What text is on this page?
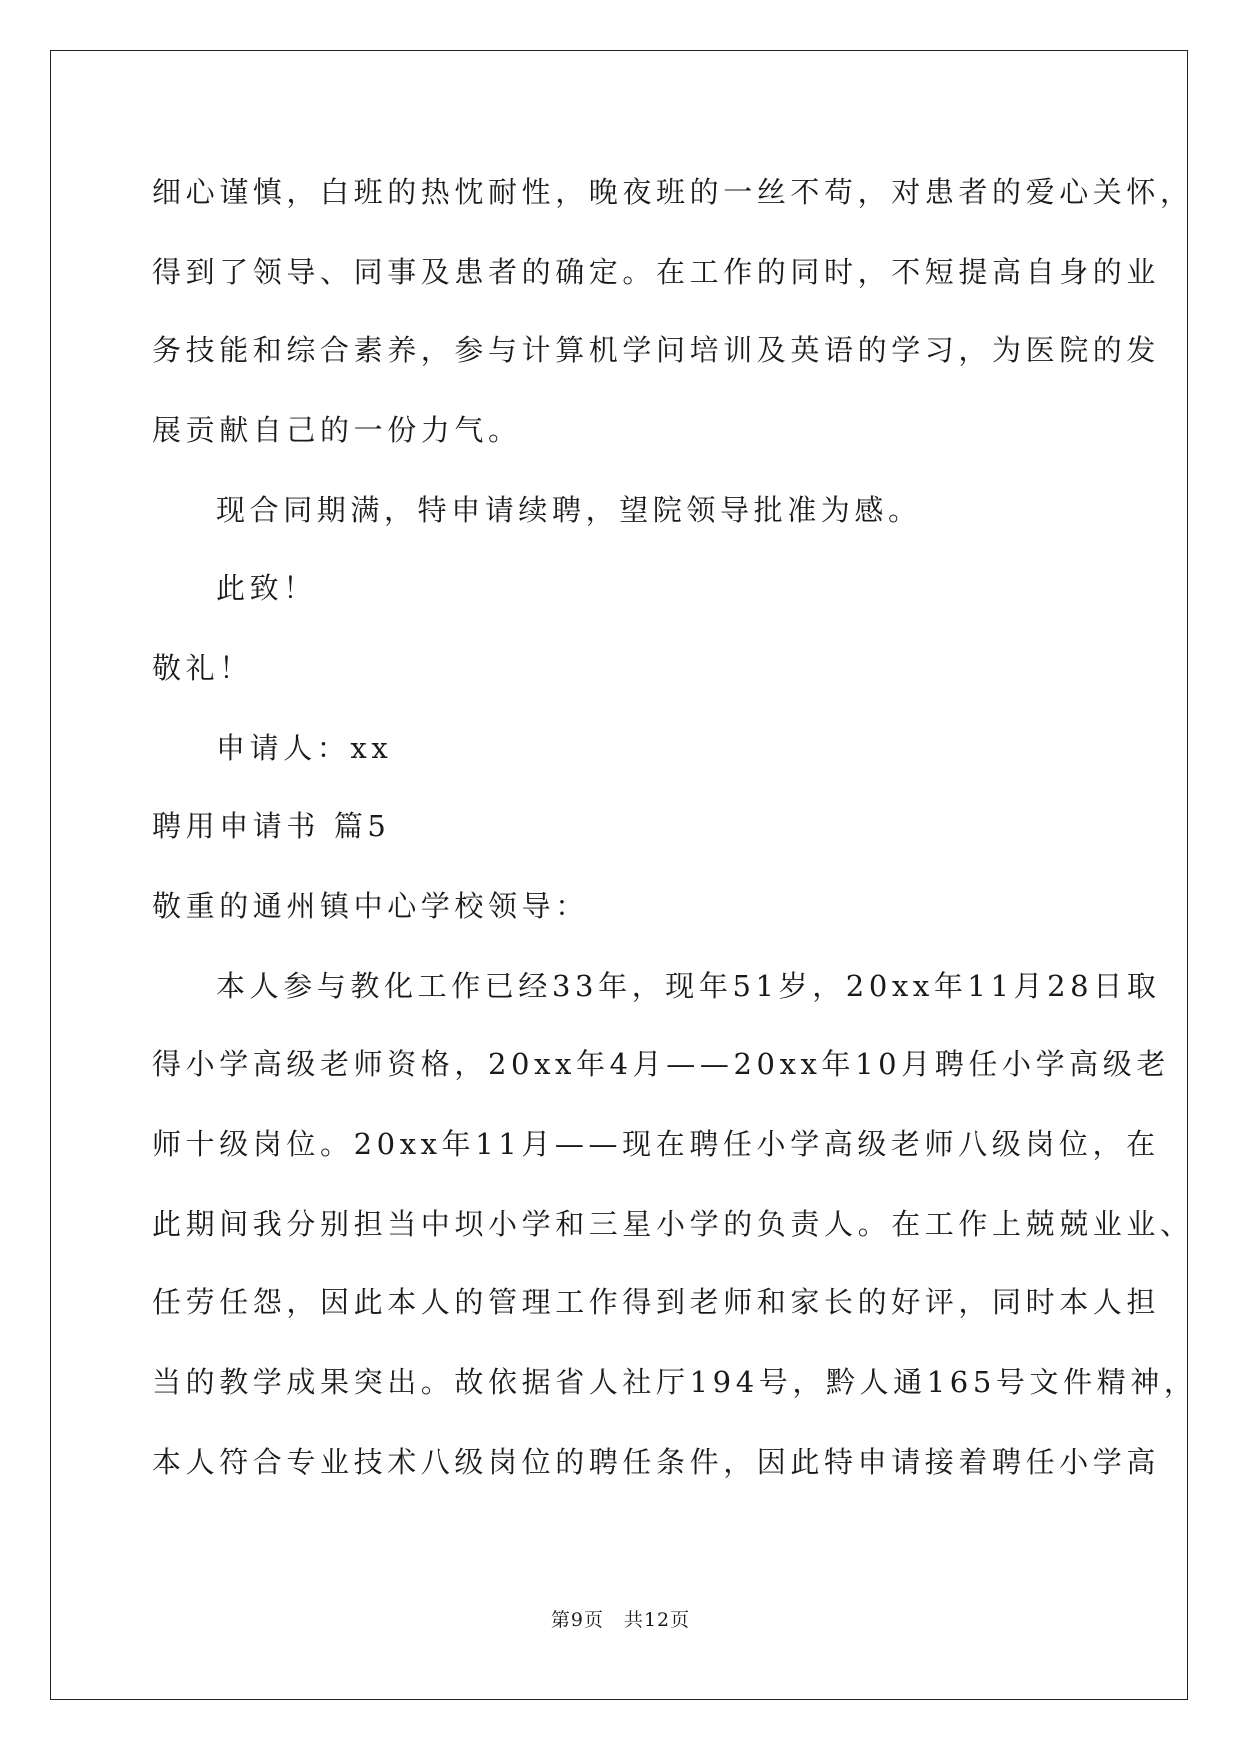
细心谨慎，白班的热忱耐性，晚夜班的一丝不苟，对患者的爱心关怀，
得到了领导、同事及患者的确定。在工作的同时，不短提高自身的业
务技能和综合素养，参与计算机学问培训及英语的学习，为医院的发
展贡献自己的一份力气。
现合同期满，特申请续聘，望院领导批准为感。
此致！
敬礼！
申请人：xx
聘用申请书 篇5
敬重的通州镇中心学校领导：
本人参与教化工作已经33年，现年51岁，20xx年11月28日取
得小学高级老师资格，20xx年4月——20xx年10月聘任小学高级老
师十级岗位。20xx年11月——现在聘任小学高级老师八级岗位，在
此期间我分别担当中坝小学和三星小学的负责人。在工作上兢兢业业、
任劳任怨，因此本人的管理工作得到老师和家长的好评，同时本人担
当的教学成果突出。故依据省人社厅194号，黔人通165号文件精神，
本人符合专业技术八级岗位的聘任条件，因此特申请接着聘任小学高
第9页　共12页
